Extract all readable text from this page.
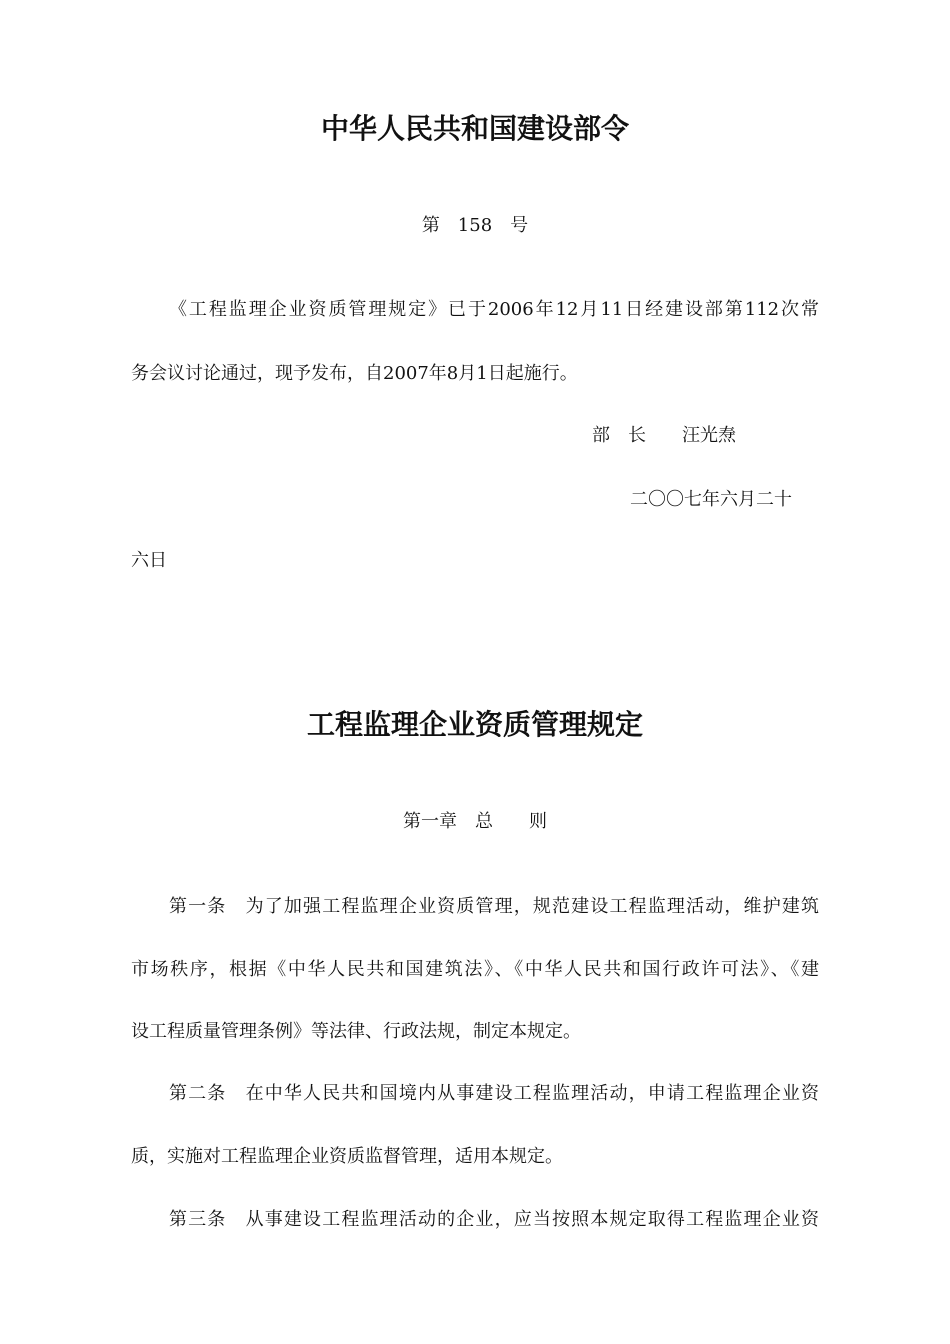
中华人民共和国建设部令

第　158　号

《工程监理企业资质管理规定》已于2006年12月11日经建设部第112次常

务会议讨论通过，现予发布，自2007年8月1日起施行。

部　长　　汪光焘

二〇〇七年六月二十

六日

工程监理企业资质管理规定

第一章　总　　则

第一条　为了加强工程监理企业资质管理，规范建设工程监理活动，维护建筑

市场秩序，根据《中华人民共和国建筑法》、《中华人民共和国行政许可法》、《建

设工程质量管理条例》等法律、行政法规，制定本规定。

第二条　在中华人民共和国境内从事建设工程监理活动，申请工程监理企业资

质，实施对工程监理企业资质监督管理，适用本规定。

第三条　从事建设工程监理活动的企业，应当按照本规定取得工程监理企业资
